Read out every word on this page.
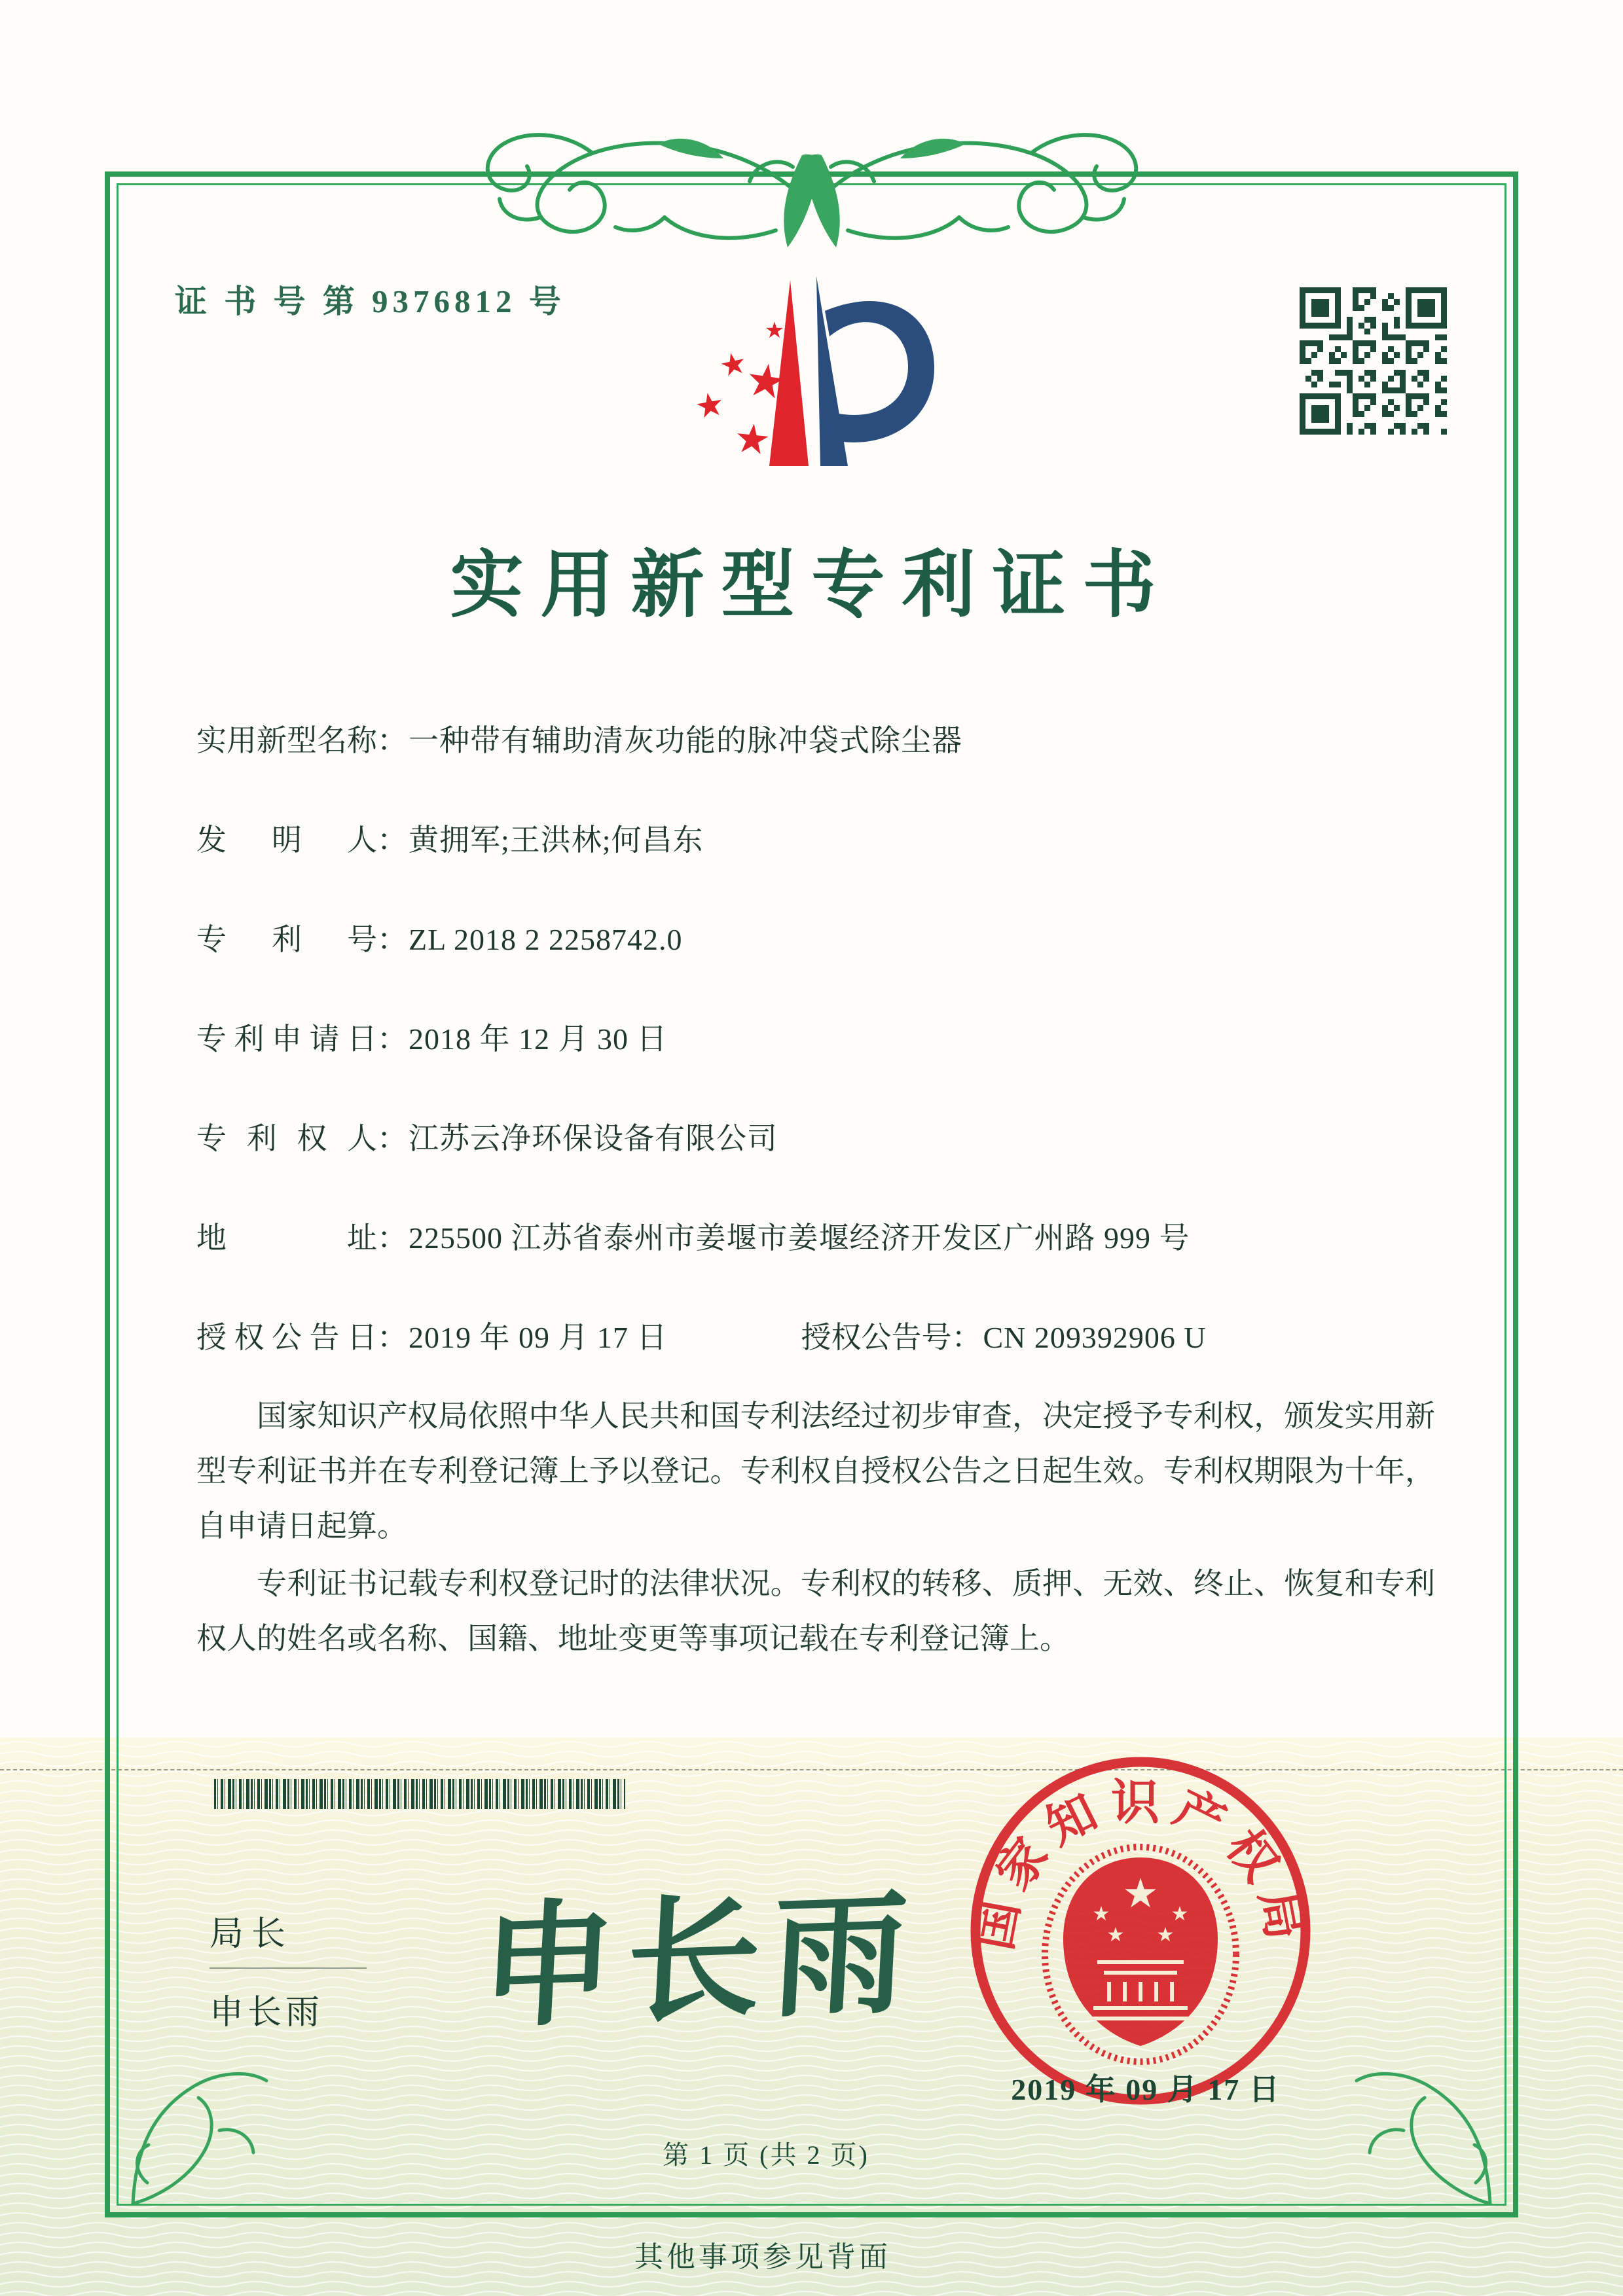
证 书 号 第 9376812 号
★
★
★
★
★
实用新型专利证书
实用新型名称：一种带有辅助清灰功能的脉冲袋式除尘器
发明人：黄拥军;王洪林;何昌东
专利号：ZL 2018 2 2258742.0
专利申请日：2018 年 12 月 30 日
专利权人：江苏云净环保设备有限公司
地址：225500 江苏省泰州市姜堰市姜堰经济开发区广州路 999 号
授权公告日：2019 年 09 月 17 日	授权公告号：CN 209392906 U

国家知识产权局依照中华人民共和国专利法经过初步审查，决定授予专利权，颁发实用新型专利证书并在专利登记簿上予以登记。专利权自授权公告之日起生效。专利权期限为十年，自申请日起算。

专利证书记载专利权登记时的法律状况。专利权的转移、质押、无效、终止、恢复和专利权人的姓名或名称、国籍、地址变更等事项记载在专利登记簿上。

局长
申长雨 申长雨 国家知识产权局
★
★	★
★ ★
2019 年 09 月 17 日
第 1 页 (共 2 页)
其他事项参见背面
